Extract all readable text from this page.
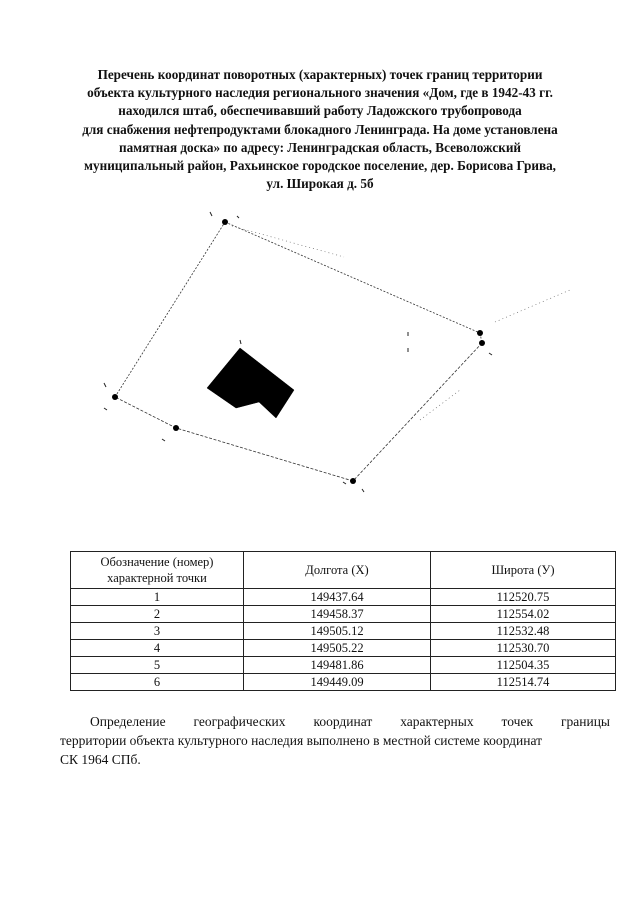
Перечень координат поворотных (характерных) точек границ территории
объекта культурного наследия регионального значения «Дом, где в 1942-43 гг.
находился штаб, обеспечивавший работу Ладожского трубопровода
для снабжения нефтепродуктами блокадного Ленинграда. На доме установлена
памятная доска» по адресу: Ленинградская область, Всеволожский
муниципальный район, Рахьинское городское поселение, дер. Борисова Грива,
ул. Широкая д. 5б
Обозначение (номер) характерной точки	Долгота (X)	Широта (У)
1	149437.64	112520.75
2	149458.37	112554.02
3	149505.12	112532.48
4	149505.22	112530.70
5	149481.86	112504.35
6	149449.09	112514.74
Определение географических координат характерных точек границы
территории объекта культурного наследия выполнено в местной системе координат
СК 1964 СПб.
